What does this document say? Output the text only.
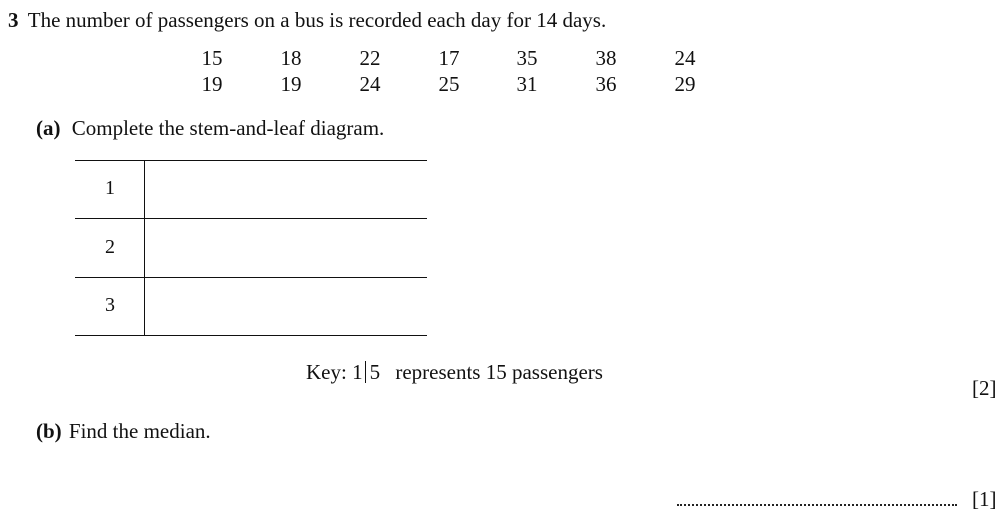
3 The number of passengers on a bus is recorded each day for 14 days.
15	18	22	17	35	38	24
19	19	24	25	31	36	29
(a) Complete the stem-and-leaf diagram.
1
2
3
Key: 1 5 represents 15 passengers
[2]
(b) Find the median.
[1]
